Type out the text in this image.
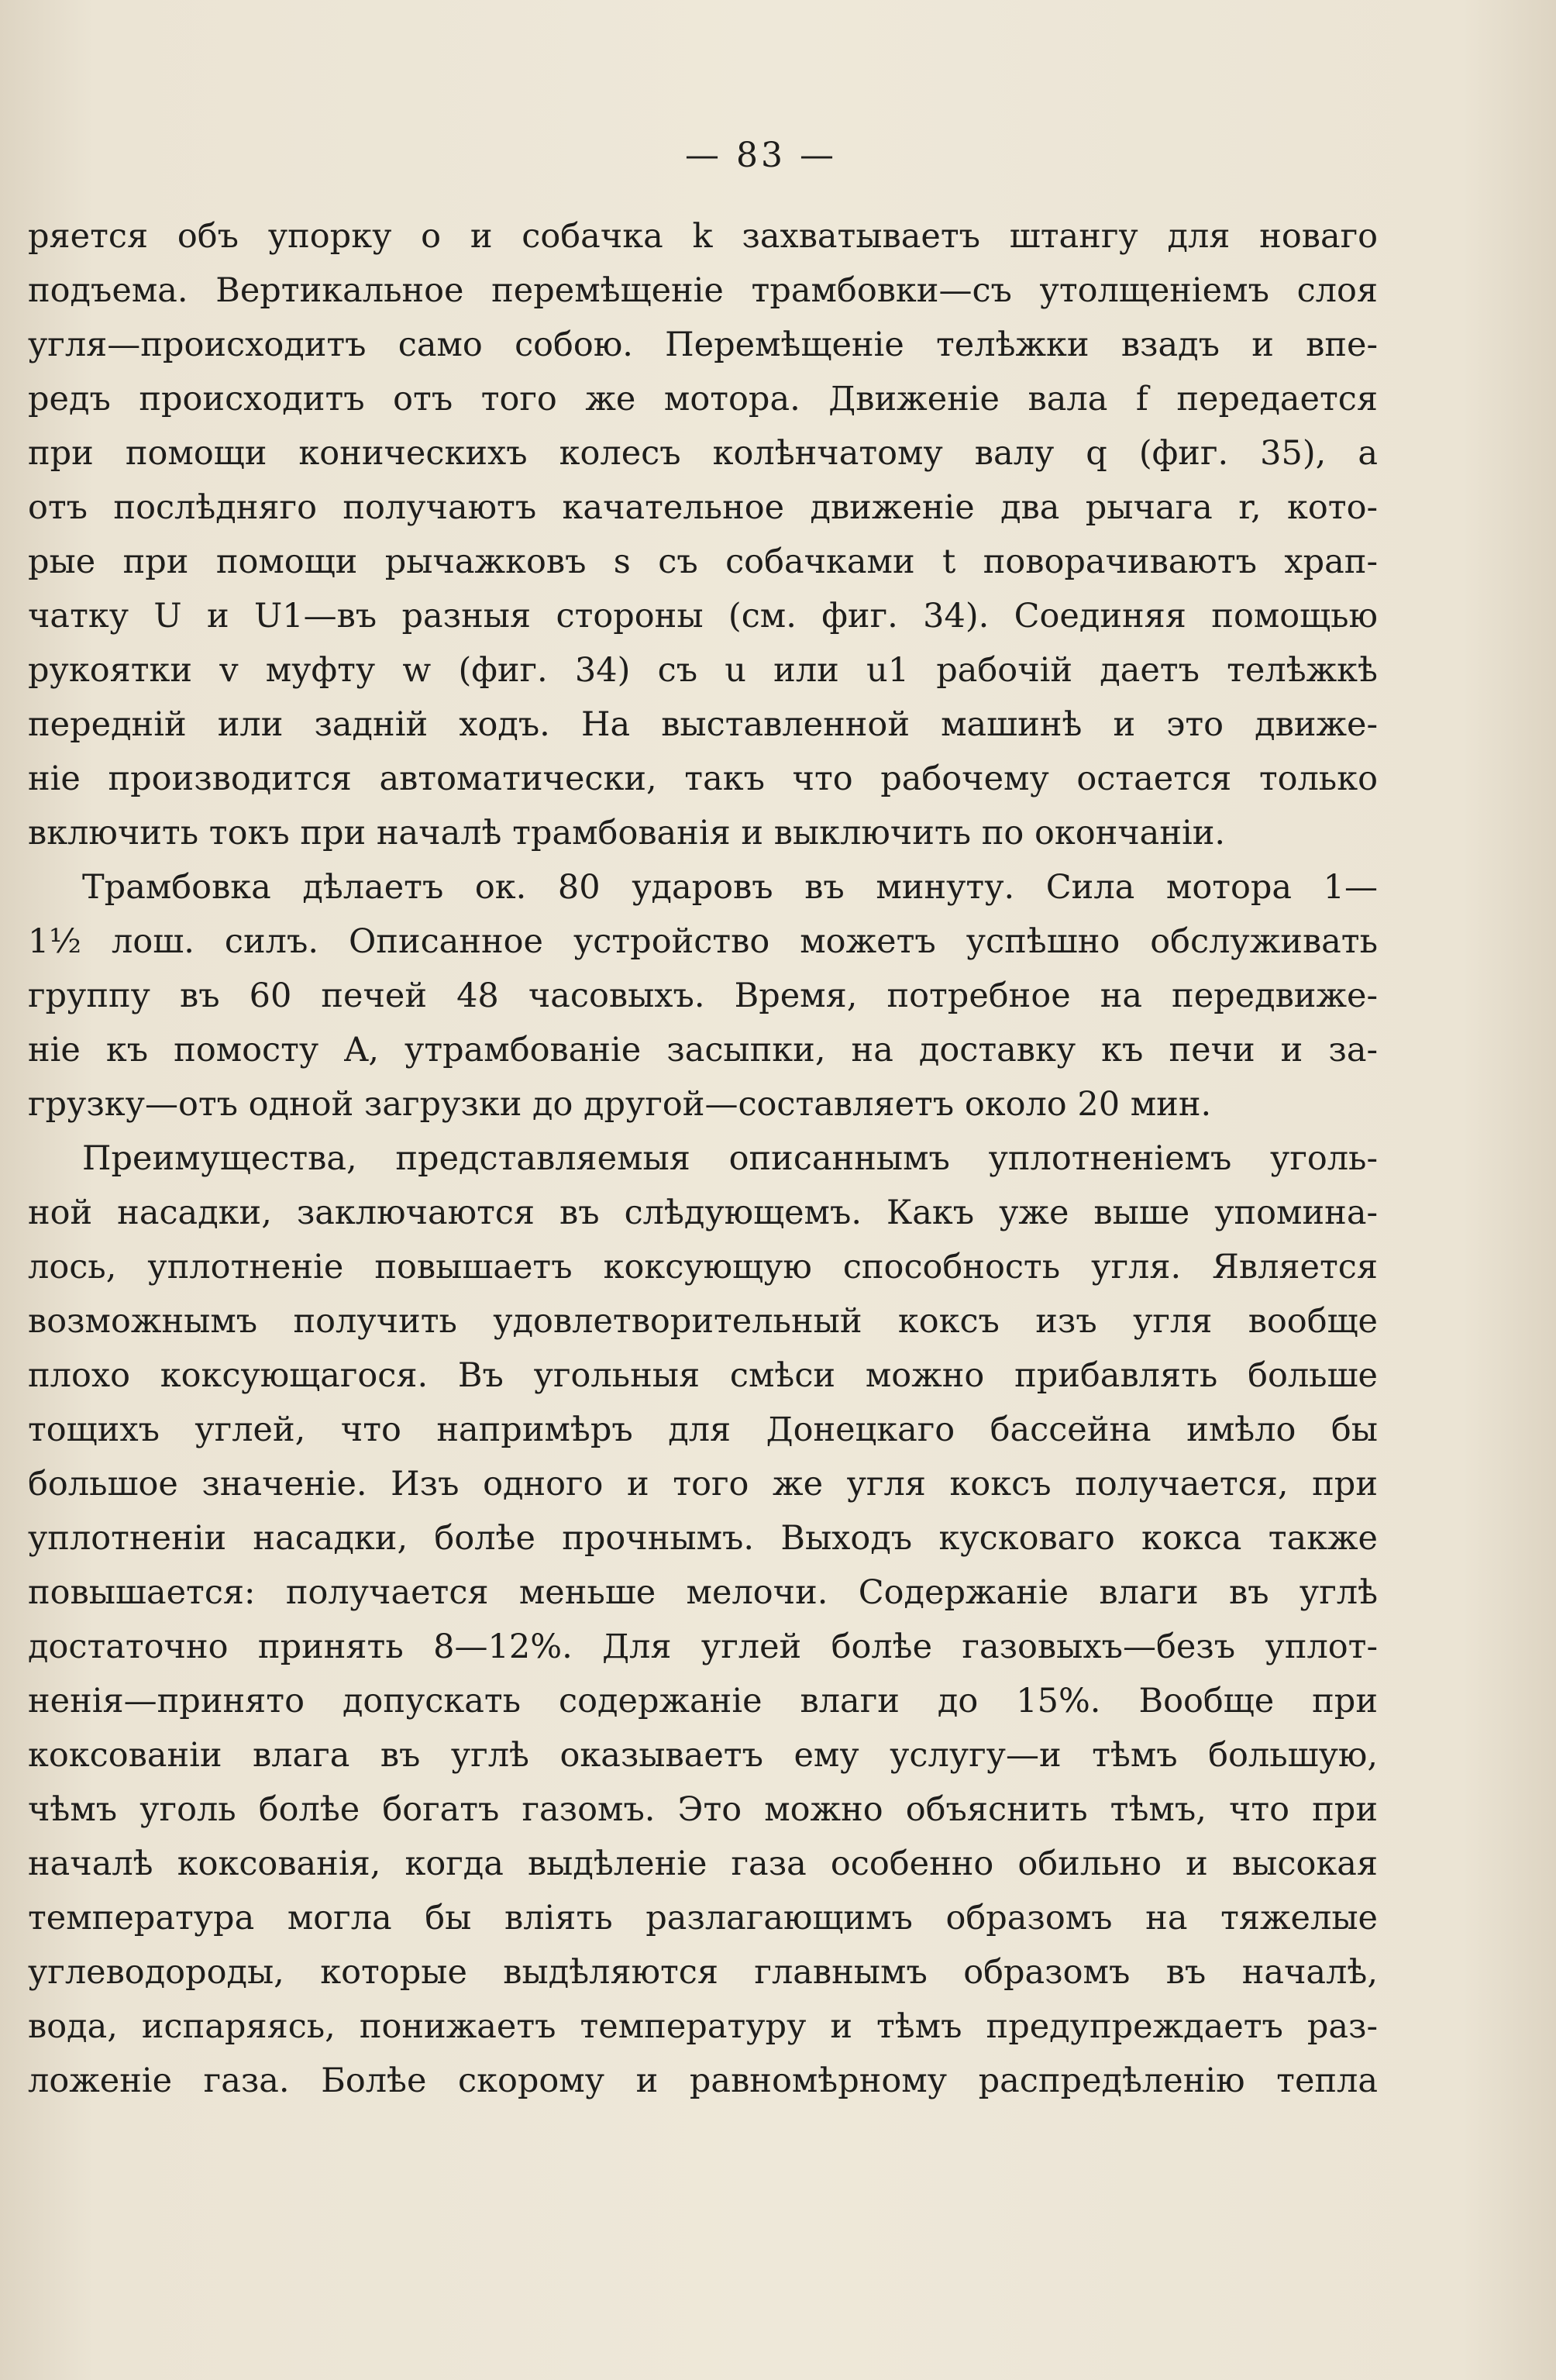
— 83 —
ряется объ упорку o и собачка k захватываетъ штангу для новаго
подъема. Вертикальное перемѣщеніе трамбовки—съ утолщеніемъ слоя
угля—происходитъ само собою. Перемѣщеніе телѣжки взадъ и впе-
редъ происходитъ отъ того же мотора. Движеніе вала f передается
при помощи коническихъ колесъ колѣнчатому валу q (фиг. 35), а
отъ послѣдняго получаютъ качательное движеніе два рычага r, кото-
рые при помощи рычажковъ s съ собачками t поворачиваютъ храп-
чатку U и U1—въ разныя стороны (см. фиг. 34). Соединяя помощью
рукоятки v муфту w (фиг. 34) съ u или u1 рабочій даетъ телѣжкѣ
передній или задній ходъ. На выставленной машинѣ и это движе-
ніе производится автоматически, такъ что рабочему остается только
включить токъ при началѣ трамбованія и выключить по окончаніи.
Трамбовка дѣлаетъ ок. 80 ударовъ въ минуту. Сила мотора 1—
1½ лош. силъ. Описанное устройство можетъ успѣшно обслуживать
группу въ 60 печей 48 часовыхъ. Время, потребное на передвиже-
ніе къ помосту A, утрамбованіе засыпки, на доставку къ печи и за-
грузку—отъ одной загрузки до другой—составляетъ около 20 мин.
Преимущества, представляемыя описаннымъ уплотненіемъ уголь-
ной насадки, заключаются въ слѣдующемъ. Какъ уже выше упомина-
лось, уплотненіе повышаетъ коксующую способность угля. Является
возможнымъ получить удовлетворительный коксъ изъ угля вообще
плохо коксующагося. Въ угольныя смѣси можно прибавлять больше
тощихъ углей, что напримѣръ для Донецкаго бассейна имѣло бы
большое значеніе. Изъ одного и того же угля коксъ получается, при
уплотненіи насадки, болѣе прочнымъ. Выходъ кусковаго кокса также
повышается: получается меньше мелочи. Содержаніе влаги въ углѣ
достаточно принять 8—12%. Для углей болѣе газовыхъ—безъ уплот-
ненія—принято допускать содержаніе влаги до 15%. Вообще при
коксованіи влага въ углѣ оказываетъ ему услугу—и тѣмъ большую,
чѣмъ уголь болѣе богатъ газомъ. Это можно объяснить тѣмъ, что при
началѣ коксованія, когда выдѣленіе газа особенно обильно и высокая
температура могла бы вліять разлагающимъ образомъ на тяжелые
углеводороды, которые выдѣляются главнымъ образомъ въ началѣ,
вода, испаряясь, понижаетъ температуру и тѣмъ предупреждаетъ раз-
ложеніе газа. Болѣе скорому и равномѣрному распредѣленію тепла
